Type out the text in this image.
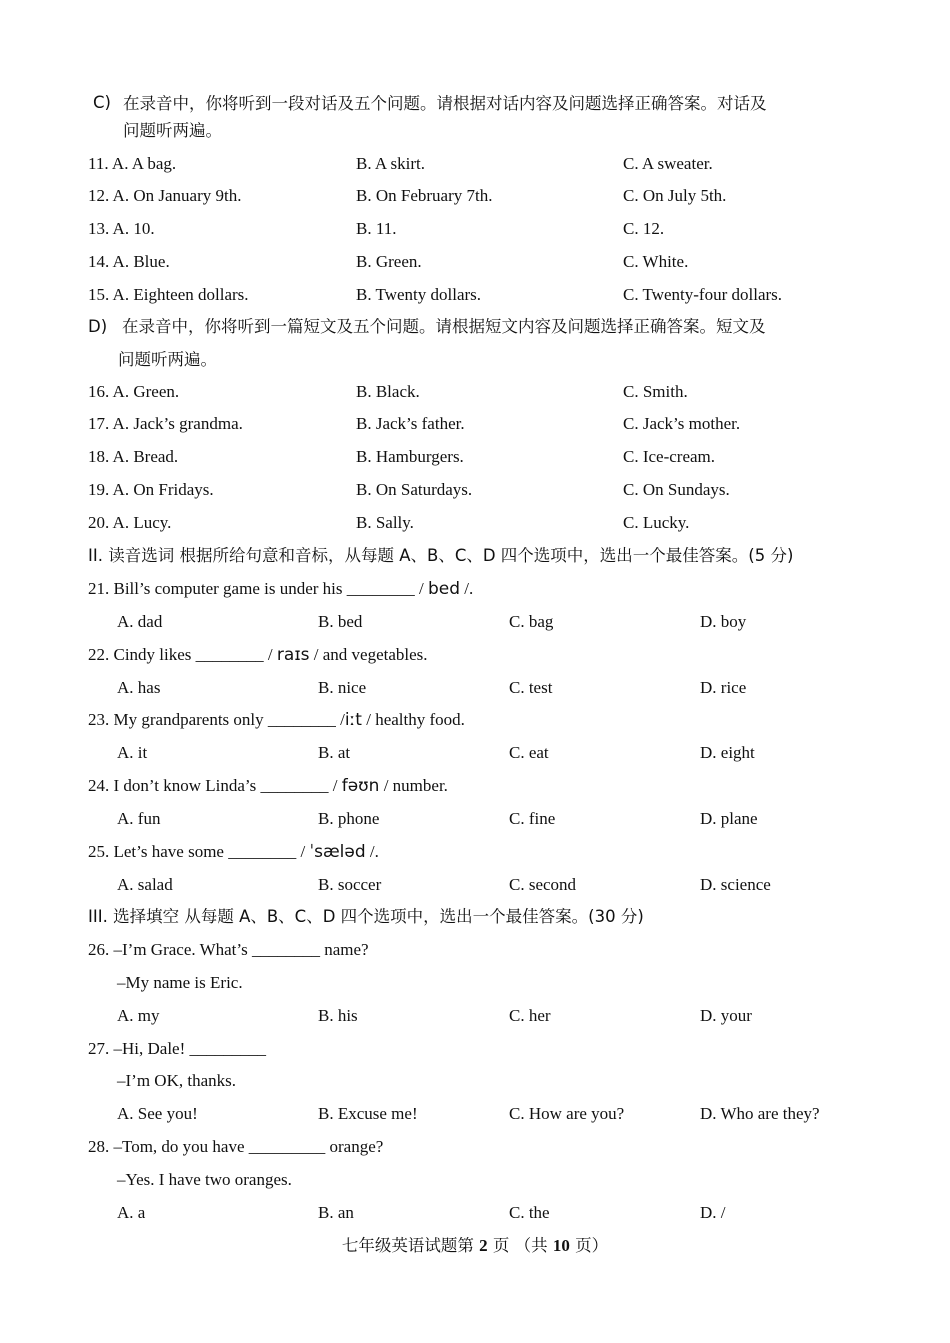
C) 在录音中，你将听到一段对话及五个问题。请根据对话内容及问题选择正确答案。对话及
问题听两遍。
11. A. A bag.	B. A skirt.	C. A sweater.
12. A. On January 9th.	B. On February 7th.	C. On July 5th.
13. A. 10.	B. 11.	C. 12.
14. A. Blue.	B. Green.	C. White.
15. A. Eighteen dollars.	B. Twenty dollars.	C. Twenty-four dollars.
D) 在录音中，你将听到一篇短文及五个问题。请根据短文内容及问题选择正确答案。短文及
问题听两遍。
16. A. Green.	B. Black.	C. Smith.
17. A. Jack’s grandma.	B. Jack’s father.	C. Jack’s mother.
18. A. Bread.	B. Hamburgers.	C. Ice-cream.
19. A. On Fridays.	B. On Saturdays.	C. On Sundays.
20. A. Lucy.	B. Sally.	C. Lucky.
II. 读音选词 根据所给句意和音标，从每题 A、B、C、D 四个选项中，选出一个最佳答案。(5 分)
21. Bill’s computer game is under his ________ / bed /.
A. dad	B. bed	C. bag	D. boy
22. Cindy likes ________ / raɪs / and vegetables.
A. has	B. nice	C. test	D. rice
23. My grandparents only ________ /iːt / healthy food.
A. it	B. at	C. eat	D. eight
24. I don’t know Linda’s ________ / fəʊn / number.
A. fun	B. phone	C. fine	D. plane
25. Let’s have some ________ / ˈsæləd /.
A. salad	B. soccer	C. second	D. science
III. 选择填空 从每题 A、B、C、D 四个选项中，选出一个最佳答案。(30 分)
26. –I’m Grace. What’s ________ name?
–My name is Eric.
A. my	B. his	C. her	D. your
27. –Hi, Dale! _________
–I’m OK, thanks.
A. See you!	B. Excuse me!	C. How are you?	D. Who are they?
28. –Tom, do you have _________ orange?
–Yes. I have two oranges.
A. a	B. an	C. the	D. /
七年级英语试题第 2 页 （共 10 页）
